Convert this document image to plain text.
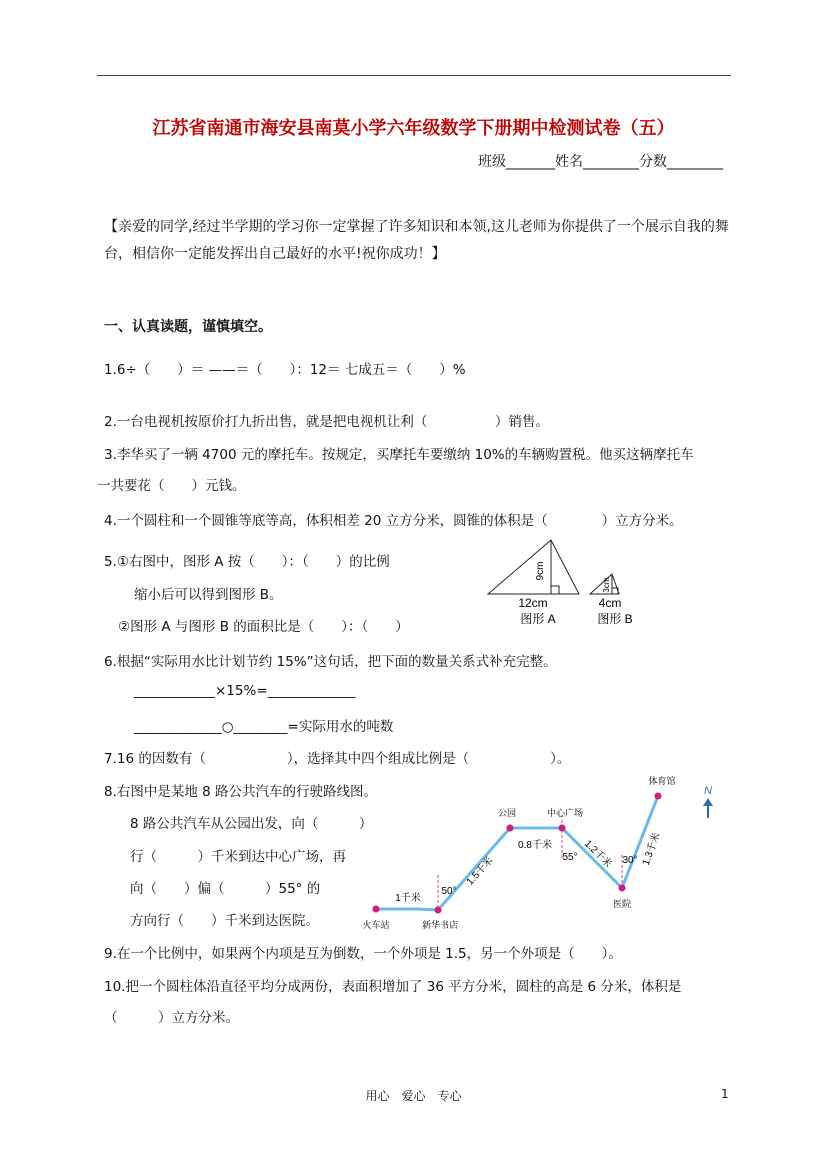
江苏省南通市海安县南莫小学六年级数学下册期中检测试卷（五）
班级_______姓名________分数________
【亲爱的同学,经过半学期的学习你一定掌握了许多知识和本领,这儿老师为你提供了一个展示自我的舞台，相信你一定能发挥出自己最好的水平!祝你成功！】
一、认真读题，谨慎填空。
1.6÷（　　）＝ ——＝（　　）：12＝ 七成五＝（　　）%
2.一台电视机按原价打九折出售，就是把电视机让利（　　　　　）销售。
3.李华买了一辆 4700 元的摩托车。按规定，买摩托车要缴纳 10%的车辆购置税。他买这辆摩托车
一共要花（　　）元钱。
4.一个圆柱和一个圆锥等底等高，体积相差 20 立方分米，圆锥的体积是（　　　　）立方分米。
5.①右图中，图形 A 按（　　）：（　　）的比例
缩小后可以得到图形 B。
②图形 A 与图形 B 的面积比是（　　）：（　　）
6.根据“实际用水比计划节约 15%”这句话，把下面的数量关系式补充完整。
____________×15%=_____________
_____________○________=实际用水的吨数
7.16 的因数有（　　　　　　），选择其中四个组成比例是（　　　　　　）。
8.右图中是某地 8 路公共汽车的行驶路线图。
8 路公共汽车从公园出发，向（　　　）
行（　　　）千米到达中心广场，再
向（　　）偏（　　　）55° 的
方向行（　　）千米到达医院。
9.在一个比例中，如果两个内项是互为倒数，一个外项是 1.5，另一个外项是（　　）。
10.把一个圆柱体沿直径平均分成两份，表面积增加了 36 平方分米，圆柱的高是 6 分米，体积是
（　　　）立方分米。
9cm
12cm
图形 A
3cm
4cm
图形 B
火车站	新华书店
公园	中心广场
医院
体育馆
1千米
1.5千米
0.8千米	1.2千米	1.3千米
50°
55°	30°
N
用心　爱心　专心	1
